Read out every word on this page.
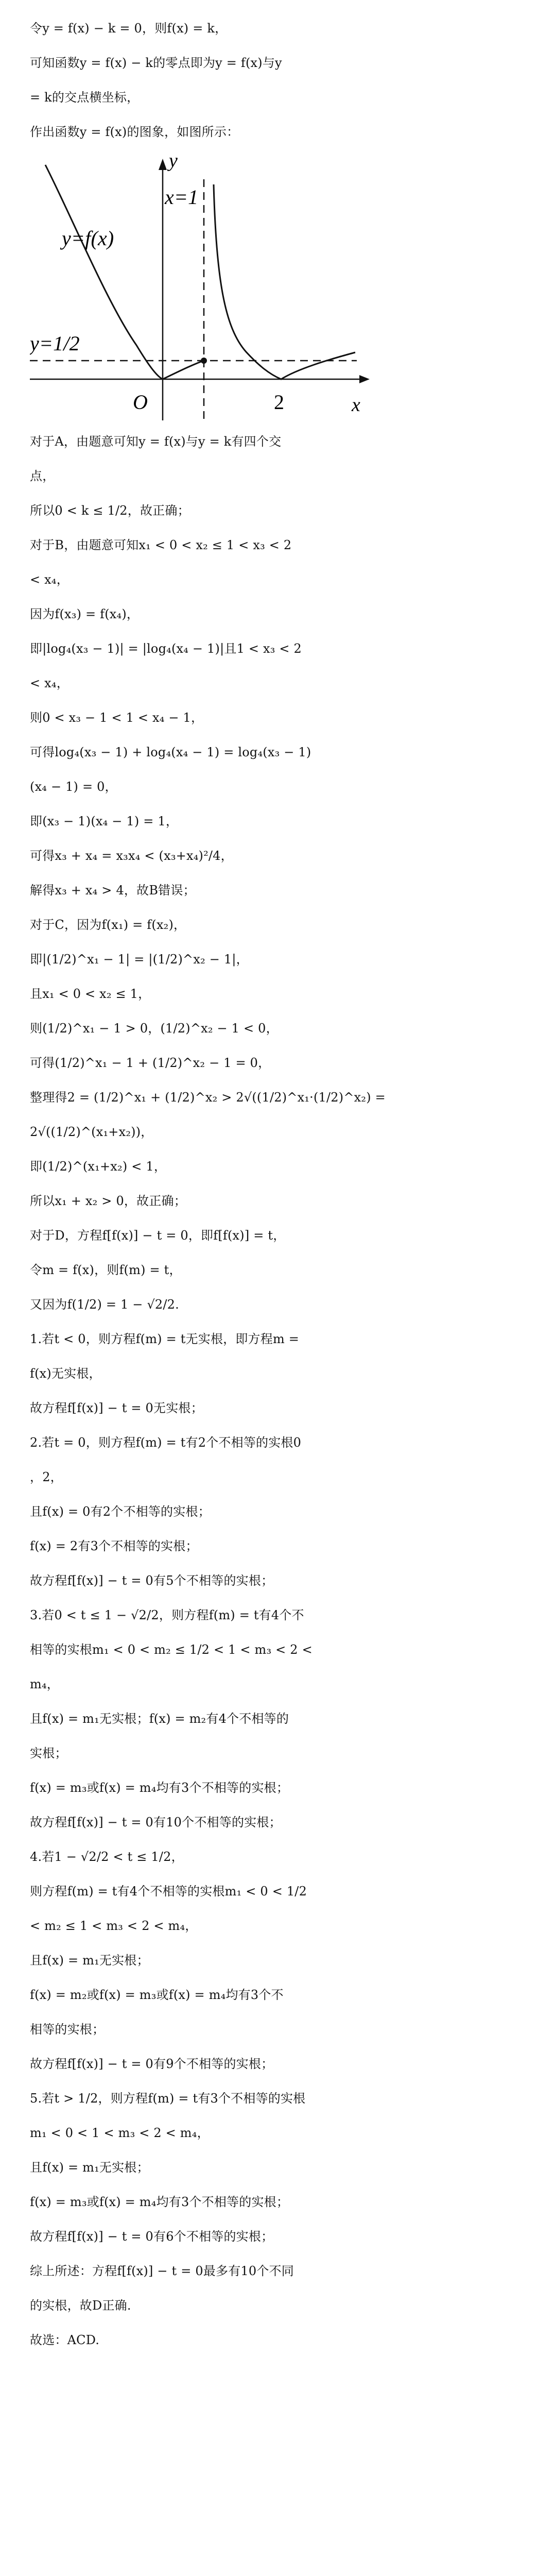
令y = f(x) − k = 0，则f(x) = k，
可知函数y = f(x) − k的零点即为y = f(x)与y
= k的交点横坐标，
作出函数y = f(x)的图象，如图所示：
y
x
O	2
y=f(x)
x=1
y=1/2
对于A，由题意可知y = f(x)与y = k有四个交
点，
所以0 < k ≤ 1/2，故正确；
对于B，由题意可知x₁ < 0 < x₂ ≤ 1 < x₃ < 2
< x₄，
因为f(x₃) = f(x₄)，
即|log₄(x₃ − 1)| = |log₄(x₄ − 1)|且1 < x₃ < 2
< x₄，
则0 < x₃ − 1 < 1 < x₄ − 1，
可得log₄(x₃ − 1) + log₄(x₄ − 1) = log₄(x₃ − 1)
(x₄ − 1) = 0，
即(x₃ − 1)(x₄ − 1) = 1，
可得x₃ + x₄ = x₃x₄ < (x₃+x₄)²/4，
解得x₃ + x₄ > 4，故B错误；
对于C，因为f(x₁) = f(x₂)，
即|(1/2)^x₁ − 1| = |(1/2)^x₂ − 1|，
且x₁ < 0 < x₂ ≤ 1，
则(1/2)^x₁ − 1 > 0，(1/2)^x₂ − 1 < 0，
可得(1/2)^x₁ − 1 + (1/2)^x₂ − 1 = 0，
整理得2 = (1/2)^x₁ + (1/2)^x₂ > 2√((1/2)^x₁·(1/2)^x₂) =
2√((1/2)^(x₁+x₂))，
即(1/2)^(x₁+x₂) < 1，
所以x₁ + x₂ > 0，故正确；
对于D，方程f[f(x)] − t = 0，即f[f(x)] = t，
令m = f(x)，则f(m) = t，
又因为f(1/2) = 1 − √2/2.
1.若t < 0，则方程f(m) = t无实根，即方程m =
f(x)无实根，
故方程f[f(x)] − t = 0无实根；
2.若t = 0，则方程f(m) = t有2个不相等的实根0
，2，
且f(x) = 0有2个不相等的实根；
f(x) = 2有3个不相等的实根；
故方程f[f(x)] − t = 0有5个不相等的实根；
3.若0 < t ≤ 1 − √2/2，则方程f(m) = t有4个不
相等的实根m₁ < 0 < m₂ ≤ 1/2 < 1 < m₃ < 2 <
m₄，
且f(x) = m₁无实根；f(x) = m₂有4个不相等的
实根；
f(x) = m₃或f(x) = m₄均有3个不相等的实根；
故方程f[f(x)] − t = 0有10个不相等的实根；
4.若1 − √2/2 < t ≤ 1/2，
则方程f(m) = t有4个不相等的实根m₁ < 0 < 1/2
< m₂ ≤ 1 < m₃ < 2 < m₄，
且f(x) = m₁无实根；
f(x) = m₂或f(x) = m₃或f(x) = m₄均有3个不
相等的实根；
故方程f[f(x)] − t = 0有9个不相等的实根；
5.若t > 1/2，则方程f(m) = t有3个不相等的实根
m₁ < 0 < 1 < m₃ < 2 < m₄，
且f(x) = m₁无实根；
f(x) = m₃或f(x) = m₄均有3个不相等的实根；
故方程f[f(x)] − t = 0有6个不相等的实根；
综上所述：方程f[f(x)] − t = 0最多有10个不同
的实根，故D正确.
故选：ACD.
